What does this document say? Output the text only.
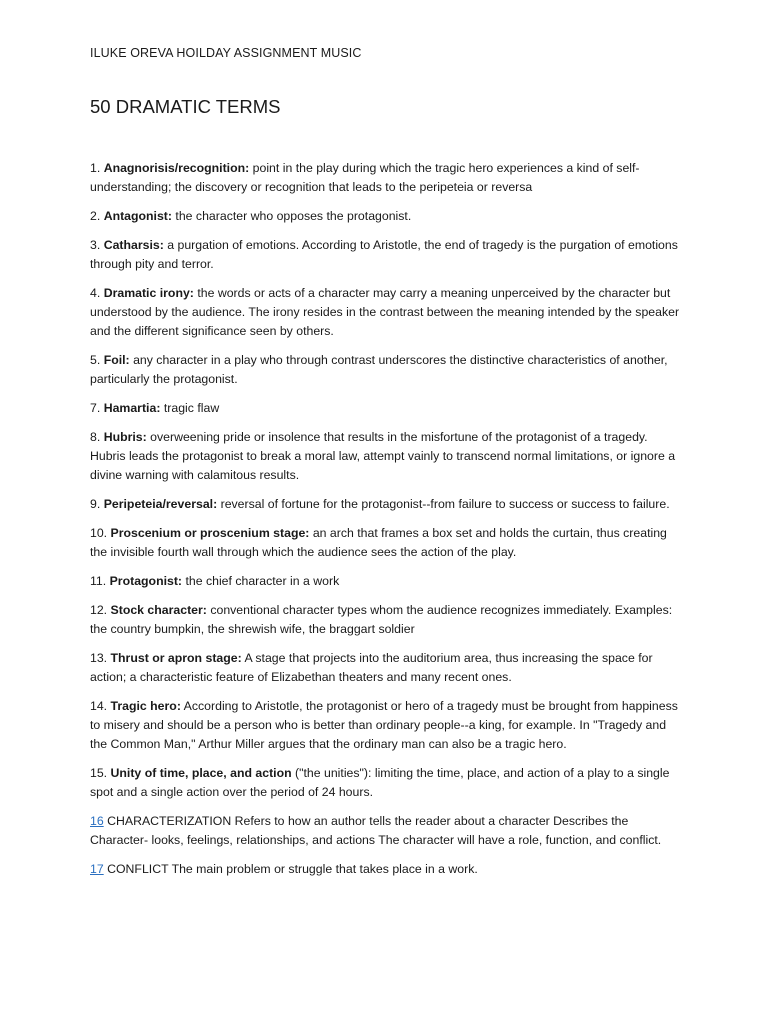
ILUKE OREVA HOILDAY ASSIGNMENT MUSIC
50 DRAMATIC TERMS

1. Anagnorisis/recognition: point in the play during which the tragic hero experiences a kind of self-understanding; the discovery or recognition that leads to the peripeteia or reversa

2. Antagonist: the character who opposes the protagonist.

3. Catharsis: a purgation of emotions. According to Aristotle, the end of tragedy is the purgation of emotions through pity and terror.

4. Dramatic irony: the words or acts of a character may carry a meaning unperceived by the character but understood by the audience. The irony resides in the contrast between the meaning intended by the speaker and the different significance seen by others.

5. Foil: any character in a play who through contrast underscores the distinctive characteristics of another, particularly the protagonist.

7. Hamartia: tragic flaw

8. Hubris: overweening pride or insolence that results in the misfortune of the protagonist of a tragedy. Hubris leads the protagonist to break a moral law, attempt vainly to transcend normal limitations, or ignore a divine warning with calamitous results.

9. Peripeteia/reversal: reversal of fortune for the protagonist--from failure to success or success to failure.

10. Proscenium or proscenium stage: an arch that frames a box set and holds the curtain, thus creating the invisible fourth wall through which the audience sees the action of the play.

11. Protagonist: the chief character in a work

12. Stock character: conventional character types whom the audience recognizes immediately. Examples: the country bumpkin, the shrewish wife, the braggart soldier

13. Thrust or apron stage: A stage that projects into the auditorium area, thus increasing the space for action; a characteristic feature of Elizabethan theaters and many recent ones.

14. Tragic hero: According to Aristotle, the protagonist or hero of a tragedy must be brought from happiness to misery and should be a person who is better than ordinary people--a king, for example. In "Tragedy and the Common Man," Arthur Miller argues that the ordinary man can also be a tragic hero.

15. Unity of time, place, and action ("the unities"): limiting the time, place, and action of a play to a single spot and a single action over the period of 24 hours.

16 CHARACTERIZATION Refers to how an author tells the reader about a character Describes the Character- looks, feelings, relationships, and actions The character will have a role, function, and conflict.

17 CONFLICT The main problem or struggle that takes place in a work.
